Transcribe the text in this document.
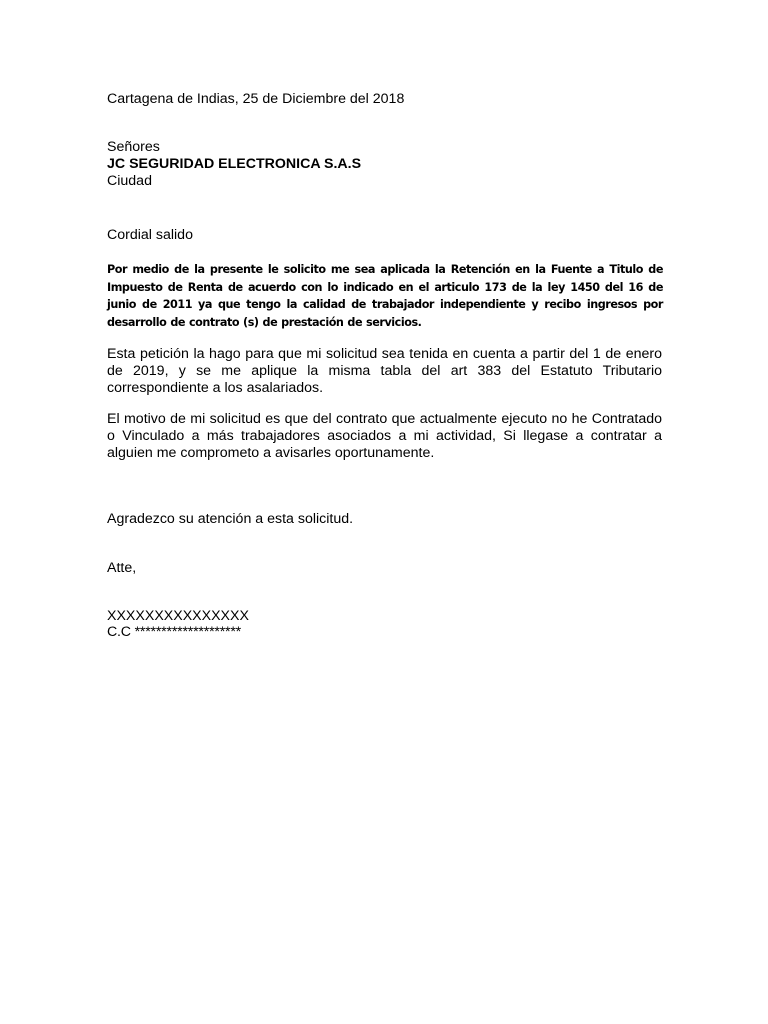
Cartagena de Indias, 25 de Diciembre del 2018

Señores

JC SEGURIDAD ELECTRONICA S.A.S

Ciudad

Cordial salido

Por medio de la presente le solicito me sea aplicada la Retención en la Fuente a Titulo de Impuesto de Renta de acuerdo con lo indicado en el articulo 173 de la ley 1450 del 16 de junio de 2011 ya que tengo la calidad de trabajador independiente y recibo ingresos por desarrollo de contrato (s) de prestación de servicios.

Esta petición la hago para que mi solicitud sea tenida en cuenta a partir del 1 de enero de 2019, y se me aplique la misma tabla del art 383 del Estatuto Tributario correspondiente a los asalariados.

El motivo de mi solicitud es que del contrato que actualmente ejecuto no he Contratado o Vinculado a más trabajadores asociados a mi actividad, Si llegase a contratar a alguien me comprometo a avisarles oportunamente.

Agradezco su atención a esta solicitud.

Atte,

XXXXXXXXXXXXXXX

C.C ********************
